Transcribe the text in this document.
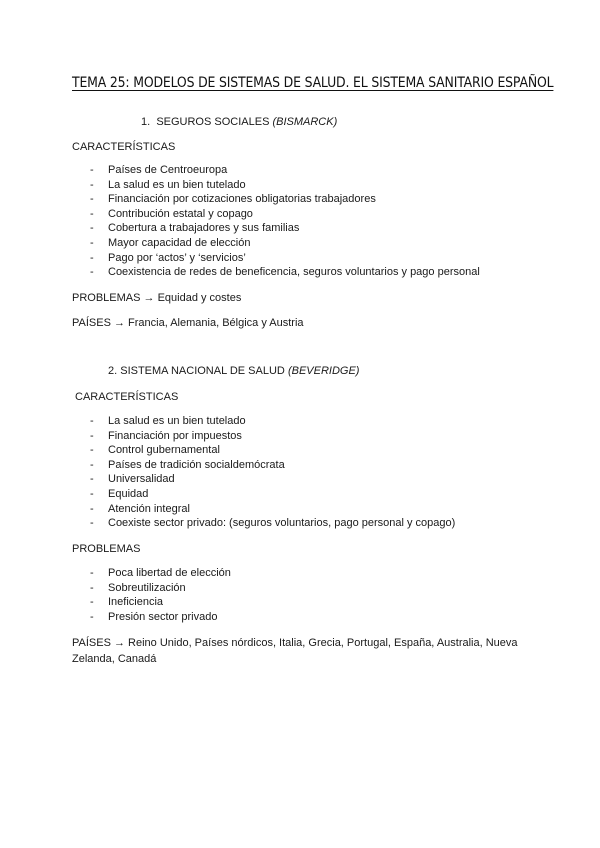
TEMA 25: MODELOS DE SISTEMAS DE SALUD. EL SISTEMA SANITARIO ESPAÑOL
1. SEGUROS SOCIALES (BISMARCK)
CARACTERÍSTICAS
- Países de Centroeuropa
- La salud es un bien tutelado
- Financiación por cotizaciones obligatorias trabajadores
- Contribución estatal y copago
- Cobertura a trabajadores y sus familias
- Mayor capacidad de elección
- Pago por ‘actos’ y ‘servicios’
- Coexistencia de redes de beneficencia, seguros voluntarios y pago personal
PROBLEMAS → Equidad y costes
PAÍSES → Francia, Alemania, Bélgica y Austria
2. SISTEMA NACIONAL DE SALUD (BEVERIDGE)
CARACTERÍSTICAS
- La salud es un bien tutelado
- Financiación por impuestos
- Control gubernamental
- Países de tradición socialdemócrata
- Universalidad
- Equidad
- Atención integral
- Coexiste sector privado: (seguros voluntarios, pago personal y copago)
PROBLEMAS
- Poca libertad de elección
- Sobreutilización
- Ineficiencia
- Presión sector privado
PAÍSES → Reino Unido, Países nórdicos, Italia, Grecia, Portugal, España, Australia, Nueva
Zelanda, Canadá
